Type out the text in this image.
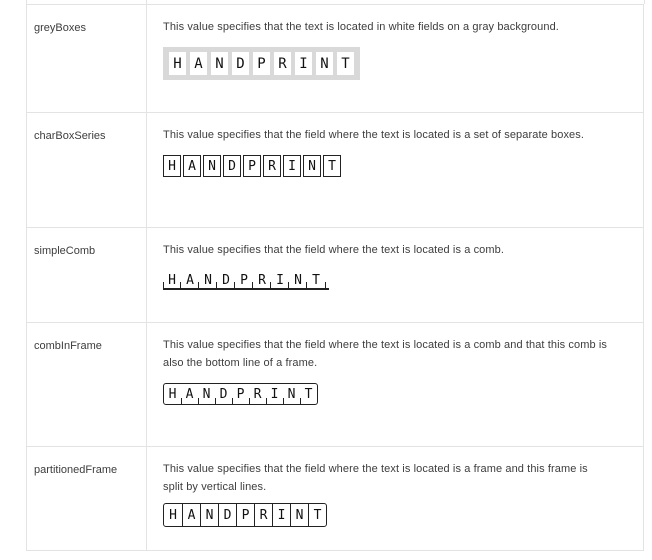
greyBoxes	This value specifies that the text is located in white fields on a gray background.
H A N D P R I N T
charBoxSeries	This value specifies that the field where the text is located is a set of separate boxes.
H A N D P R I N T
simpleComb	This value specifies that the field where the text is located is a comb.
H A N D P R I N T
combInFrame	This value specifies that the field where the text is located is a comb and that this comb is also the bottom line of a frame.
H A N D P R I N T
partitionedFrame	This value specifies that the field where the text is located is a frame and this frame is split by vertical lines.
H A N D P R I N T
